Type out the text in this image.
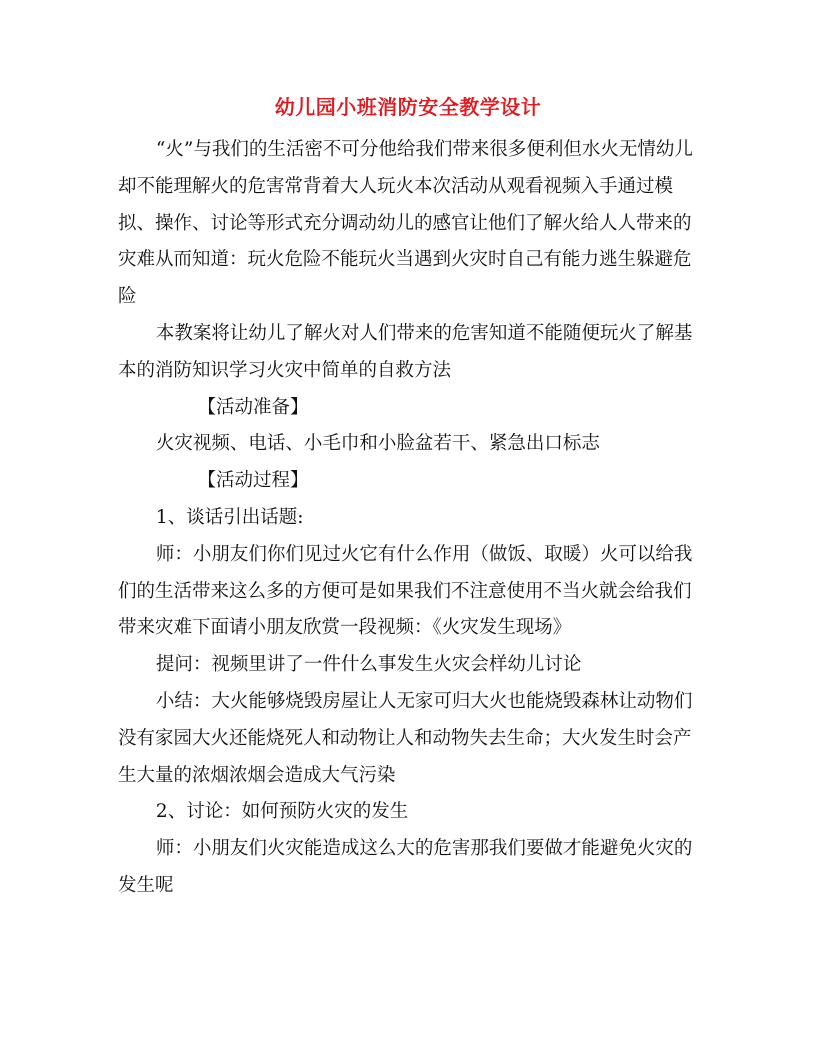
幼儿园小班消防安全教学设计

“火”与我们的生活密不可分他给我们带来很多便利但水火无情幼儿却不能理解火的危害常背着大人玩火本次活动从观看视频入手通过模拟、操作、讨论等形式充分调动幼儿的感官让他们了解火给人人带来的灾难从而知道：玩火危险不能玩火当遇到火灾时自己有能力逃生躲避危险

本教案将让幼儿了解火对人们带来的危害知道不能随便玩火了解基本的消防知识学习火灾中简单的自救方法

【活动准备】

火灾视频、电话、小毛巾和小脸盆若干、紧急出口标志

【活动过程】

1、谈话引出话题:

师：小朋友们你们见过火它有什么作用（做饭、取暖）火可以给我们的生活带来这么多的方便可是如果我们不注意使用不当火就会给我们带来灾难下面请小朋友欣赏一段视频：《火灾发生现场》

提问：视频里讲了一件什么事发生火灾会样幼儿讨论

小结：大火能够烧毁房屋让人无家可归大火也能烧毁森林让动物们没有家园大火还能烧死人和动物让人和动物失去生命；大火发生时会产生大量的浓烟浓烟会造成大气污染

2、讨论：如何预防火灾的发生

师：小朋友们火灾能造成这么大的危害那我们要做才能避免火灾的发生呢
